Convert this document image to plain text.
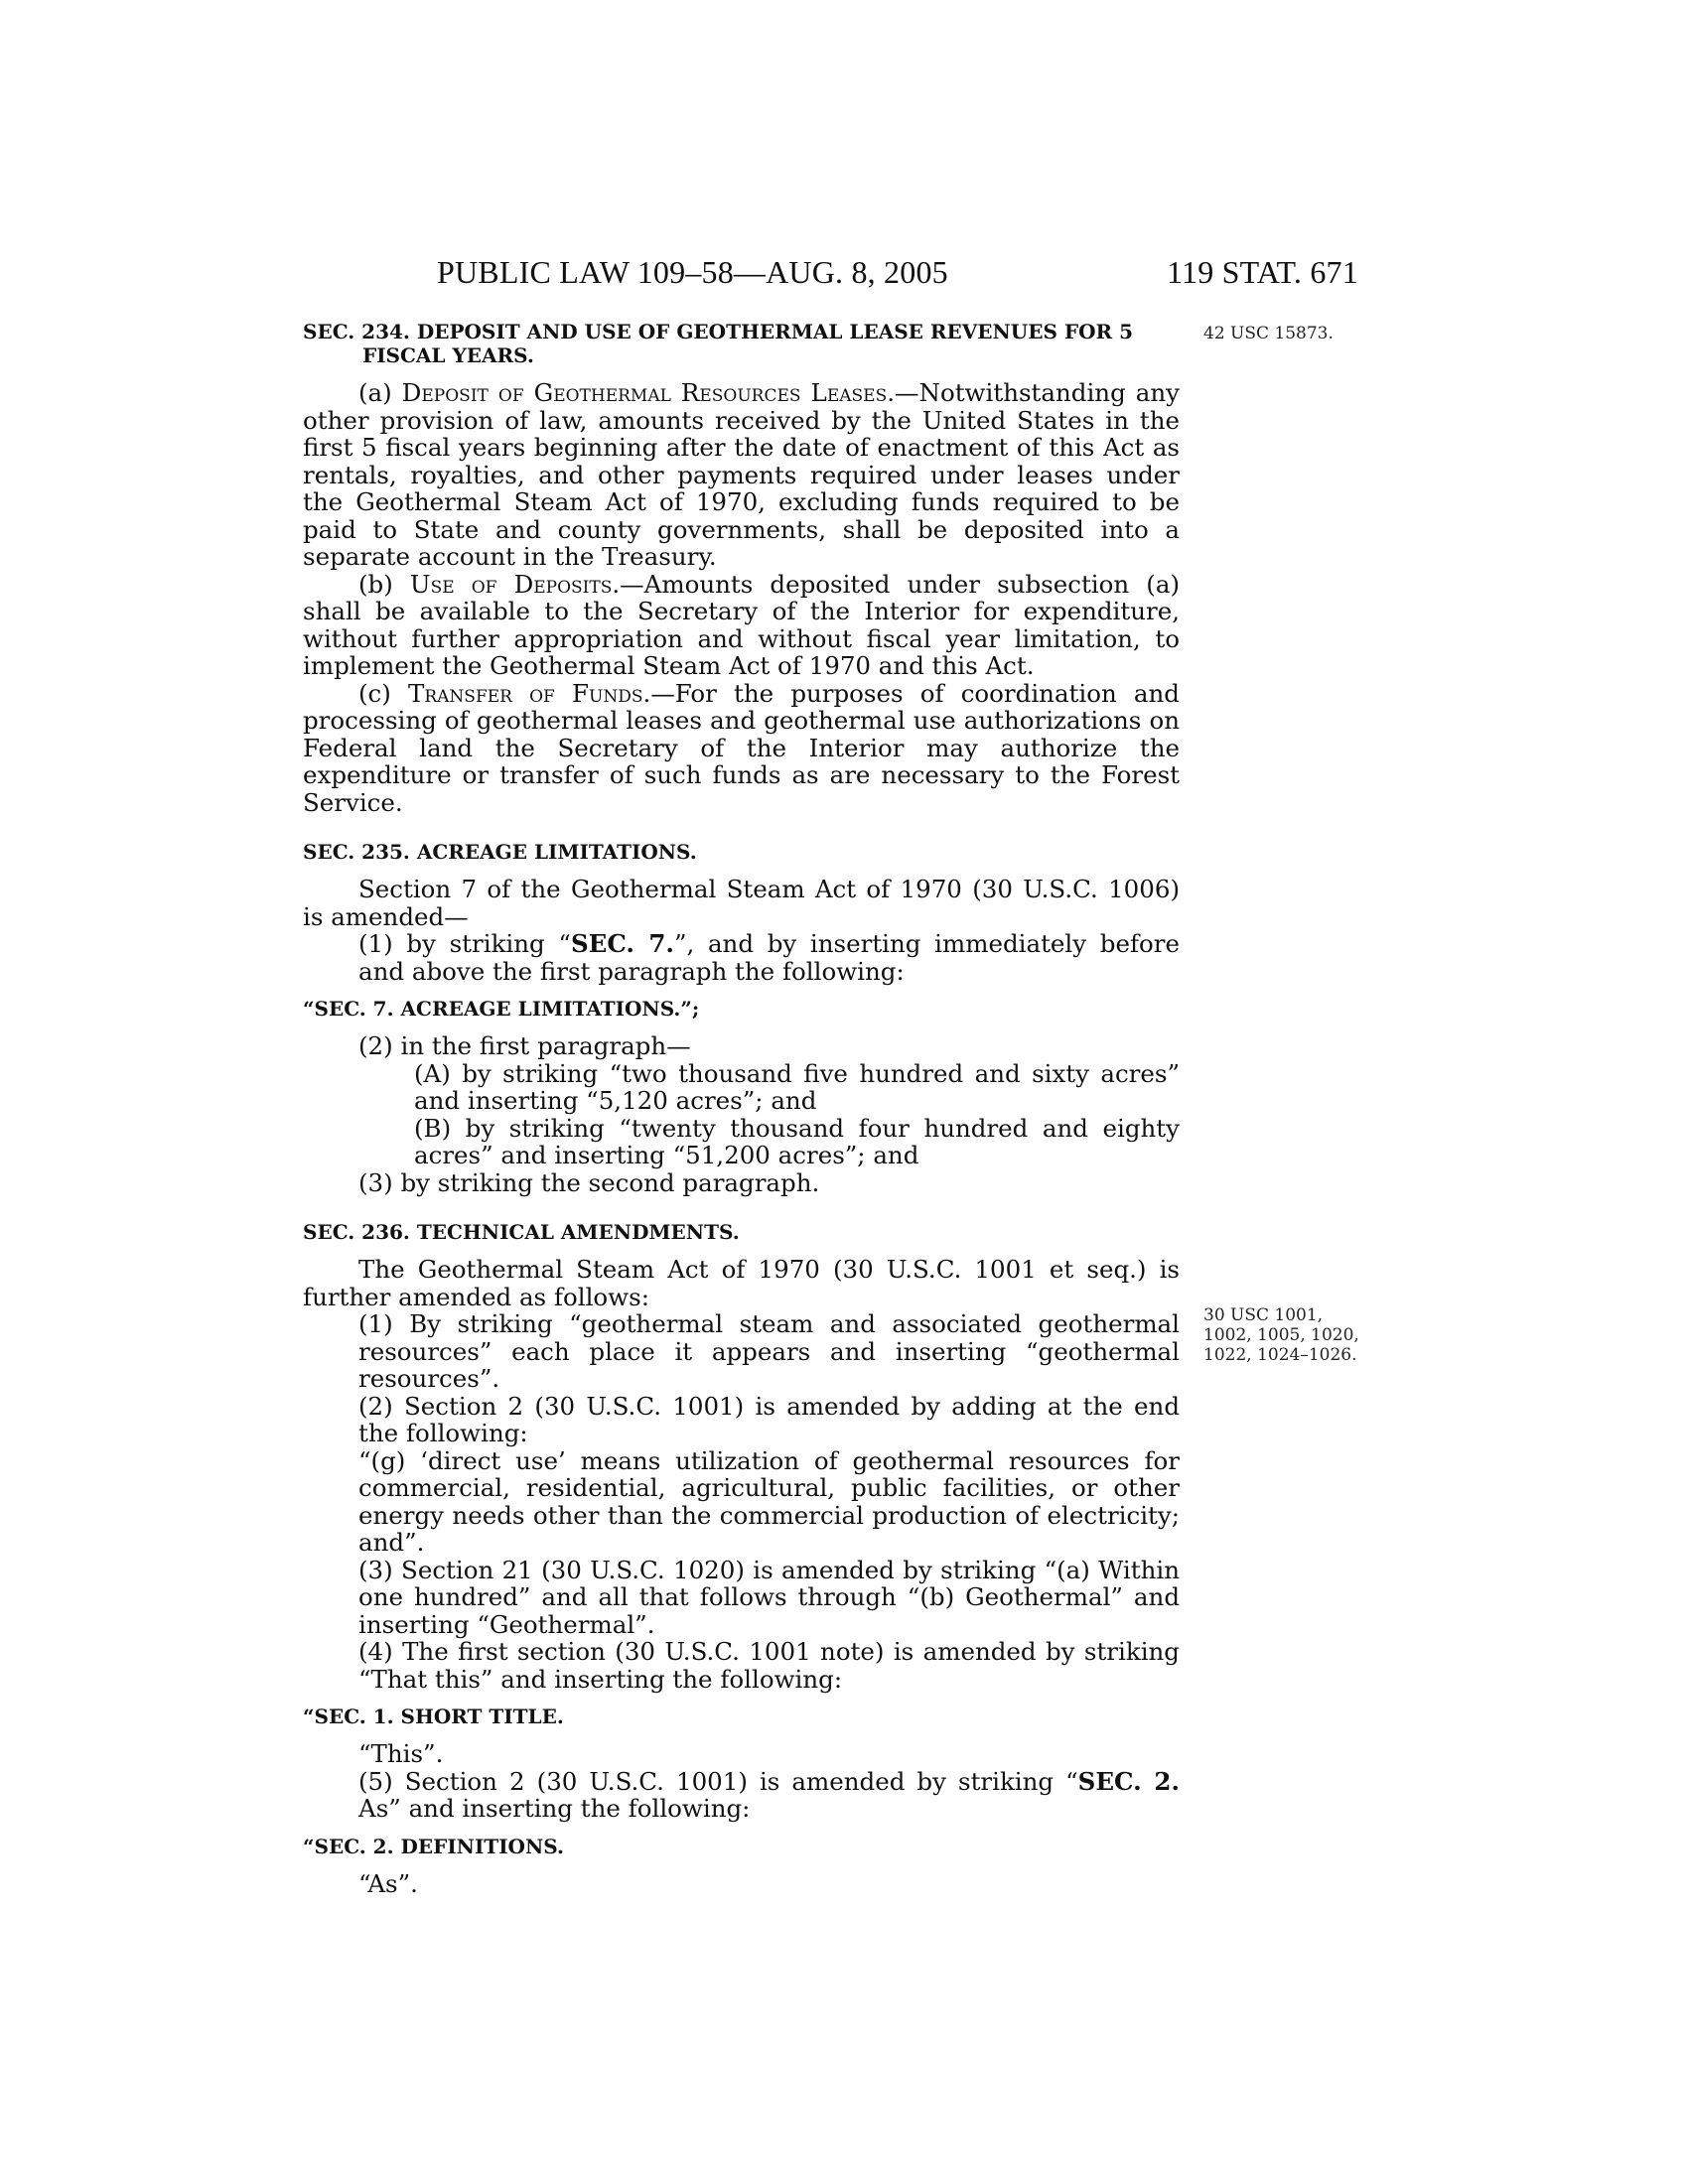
PUBLIC LAW 109–58—AUG. 8, 2005	119 STAT. 671
42 USC 15873.
30 USC 1001,
1002, 1005, 1020,
1022, 1024–1026.

SEC. 234. DEPOSIT AND USE OF GEOTHERMAL LEASE REVENUES FOR 5 FISCAL YEARS.

(a) Deposit of Geothermal Resources Leases.—Notwithstanding any other provision of law, amounts received by the United States in the first 5 fiscal years beginning after the date of enactment of this Act as rentals, royalties, and other payments required under leases under the Geothermal Steam Act of 1970, excluding funds required to be paid to State and county governments, shall be deposited into a separate account in the Treasury.

(b) Use of Deposits.—Amounts deposited under subsection (a) shall be available to the Secretary of the Interior for expenditure, without further appropriation and without fiscal year limitation, to implement the Geothermal Steam Act of 1970 and this Act.

(c) Transfer of Funds.—For the purposes of coordination and processing of geothermal leases and geothermal use authorizations on Federal land the Secretary of the Interior may authorize the expenditure or transfer of such funds as are necessary to the Forest Service.

SEC. 235. ACREAGE LIMITATIONS.

Section 7 of the Geothermal Steam Act of 1970 (30 U.S.C. 1006) is amended—

(1) by striking “SEC. 7.”, and by inserting immediately before and above the first paragraph the following:

“SEC. 7. ACREAGE LIMITATIONS.”;

(2) in the first paragraph—

(A) by striking “two thousand five hundred and sixty acres” and inserting “5,120 acres”; and

(B) by striking “twenty thousand four hundred and eighty acres” and inserting “51,200 acres”; and

(3) by striking the second paragraph.

SEC. 236. TECHNICAL AMENDMENTS.

The Geothermal Steam Act of 1970 (30 U.S.C. 1001 et seq.) is further amended as follows:

(1) By striking “geothermal steam and associated geothermal resources” each place it appears and inserting “geothermal resources”.

(2) Section 2 (30 U.S.C. 1001) is amended by adding at the end the following:

“(g) ‘direct use’ means utilization of geothermal resources for commercial, residential, agricultural, public facilities, or other energy needs other than the commercial production of electricity; and”.

(3) Section 21 (30 U.S.C. 1020) is amended by striking “(a) Within one hundred” and all that follows through “(b) Geothermal” and inserting “Geothermal”.

(4) The first section (30 U.S.C. 1001 note) is amended by striking “That this” and inserting the following:

“SEC. 1. SHORT TITLE.

“This”.

(5) Section 2 (30 U.S.C. 1001) is amended by striking “SEC. 2. As” and inserting the following:

“SEC. 2. DEFINITIONS.

“As”.
